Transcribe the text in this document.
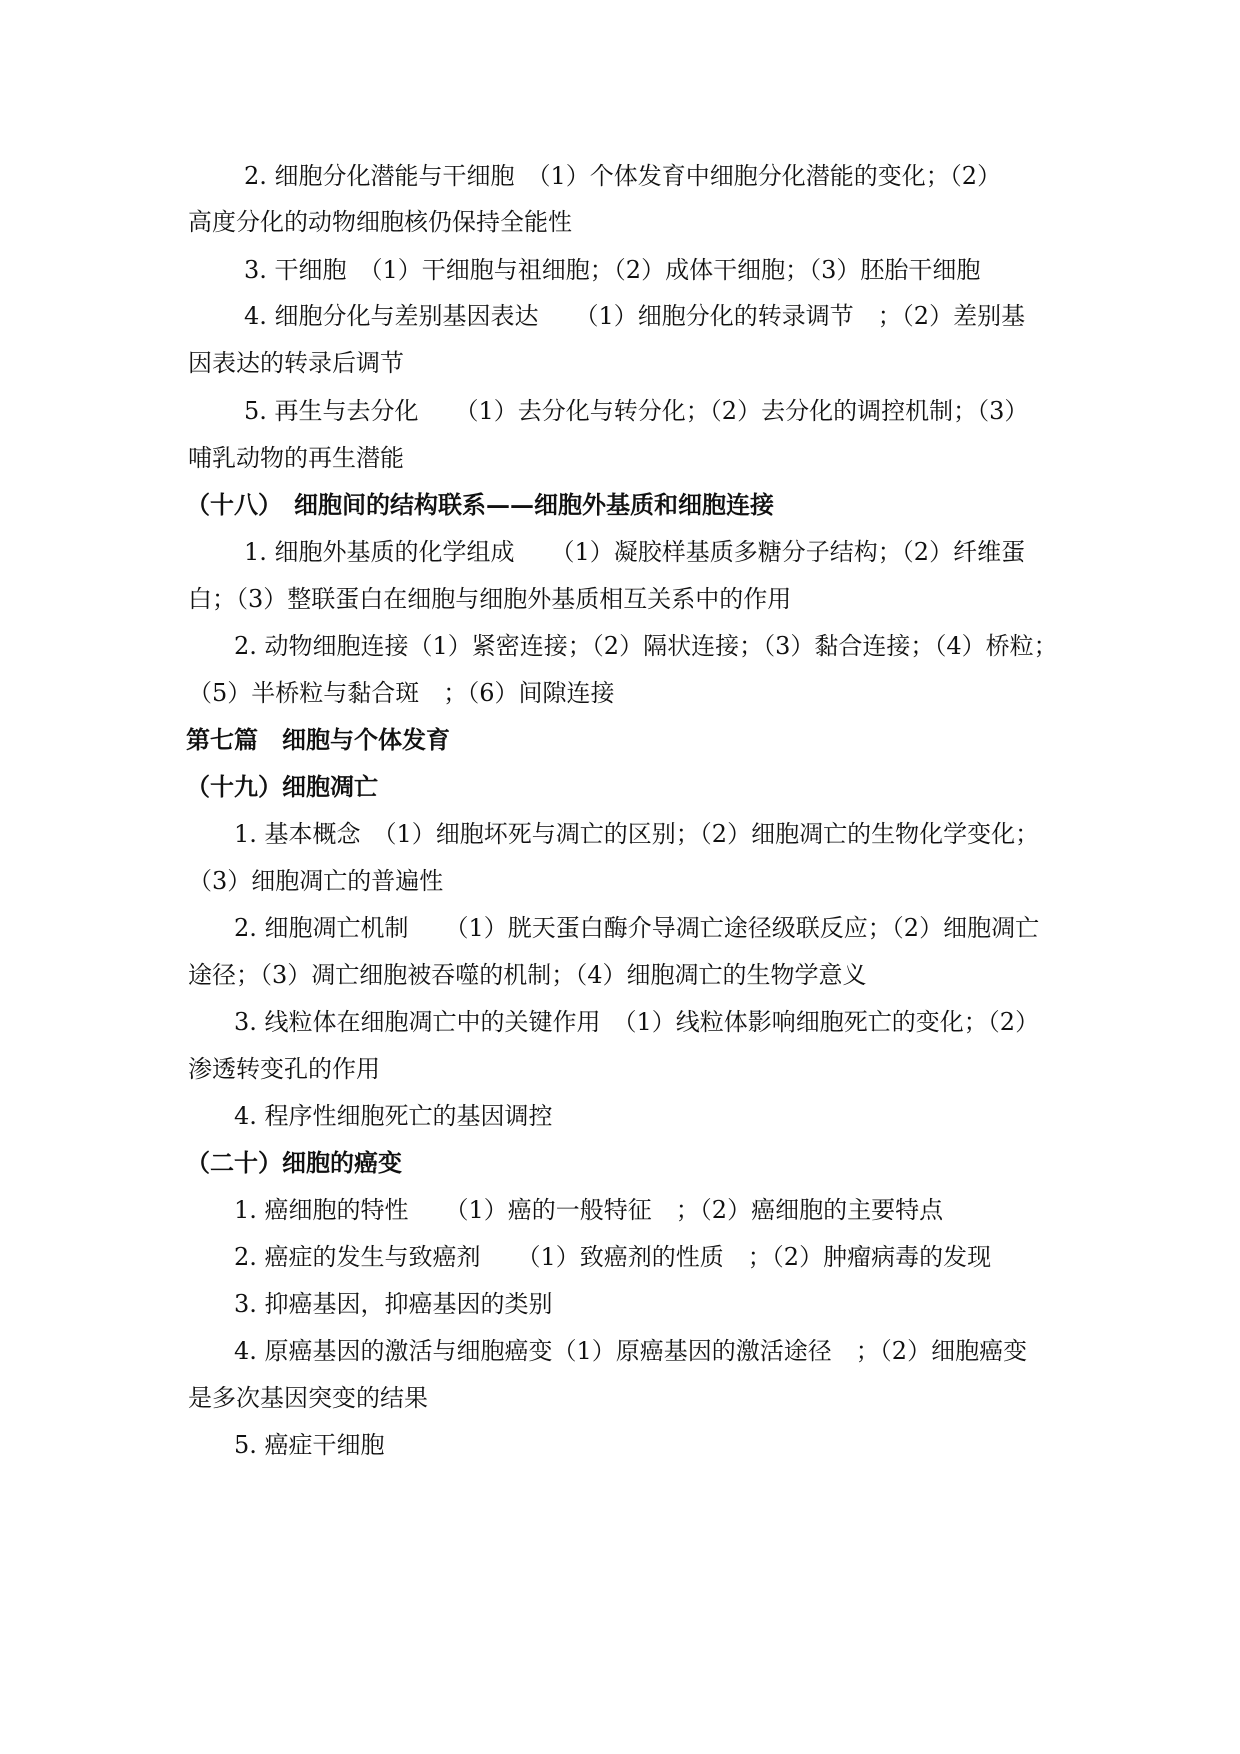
2. 细胞分化潜能与干细胞　（1）个体发育中细胞分化潜能的变化；（2）
高度分化的动物细胞核仍保持全能性
3. 干细胞　（1）干细胞与祖细胞；（2）成体干细胞；（3）胚胎干细胞
4. 细胞分化与差别基因表达　　（1）细胞分化的转录调节　；（2）差别基
因表达的转录后调节
5. 再生与去分化　　（1）去分化与转分化；（2）去分化的调控机制；（3）
哺乳动物的再生潜能
（十八）　细胞间的结构联系——细胞外基质和细胞连接
1. 细胞外基质的化学组成　　（1）凝胶样基质多糖分子结构；（2）纤维蛋
白；（3）整联蛋白在细胞与细胞外基质相互关系中的作用
2. 动物细胞连接（1）紧密连接；（2）隔状连接；（3）黏合连接；（4）桥粒；
（5）半桥粒与黏合斑　；（6）间隙连接
第七篇　细胞与个体发育
（十九）细胞凋亡
1. 基本概念　（1）细胞坏死与凋亡的区别；（2）细胞凋亡的生物化学变化；
（3）细胞凋亡的普遍性
2. 细胞凋亡机制　　（1）胱天蛋白酶介导凋亡途径级联反应；（2）细胞凋亡
途径；（3）凋亡细胞被吞噬的机制；（4）细胞凋亡的生物学意义
3. 线粒体在细胞凋亡中的关键作用　（1）线粒体影响细胞死亡的变化；（2）
渗透转变孔的作用
4. 程序性细胞死亡的基因调控
（二十）细胞的癌变
1. 癌细胞的特性　　（1）癌的一般特征　；（2）癌细胞的主要特点
2. 癌症的发生与致癌剂　　（1）致癌剂的性质　；（2）肿瘤病毒的发现
3. 抑癌基因，抑癌基因的类别
4. 原癌基因的激活与细胞癌变（1）原癌基因的激活途径　；（2）细胞癌变
是多次基因突变的结果
5. 癌症干细胞
